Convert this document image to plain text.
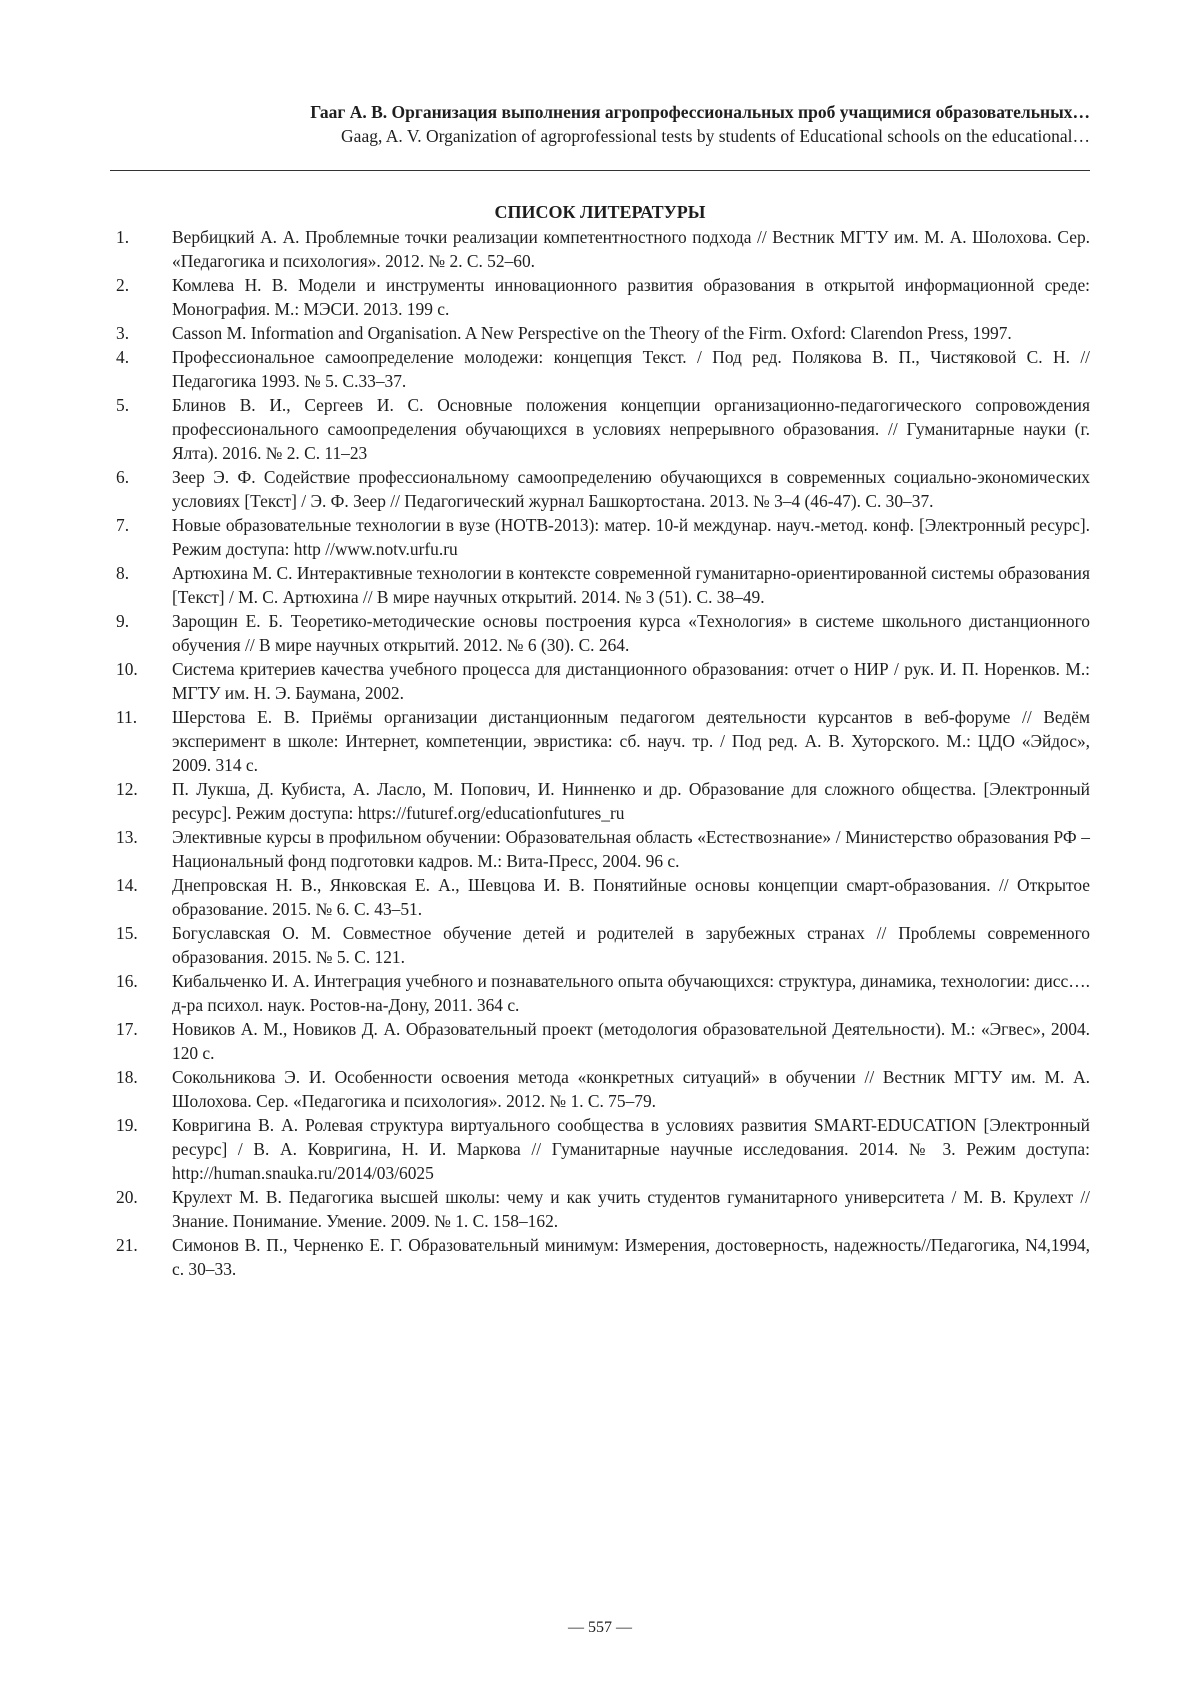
Гааг А. В. Организация выполнения агропрофессиональных проб учащимися образовательных…
Gaag, A. V. Organization of agroprofessional tests by students of Educational schools on the educational…
СПИСОК ЛИТЕРАТУРЫ
1.	Вербицкий А. А. Проблемные точки реализации компетентностного подхода // Вестник МГТУ им. М. А. Шолохова. Сер. «Педагогика и психология». 2012. № 2. С. 52–60.
2.	Комлева Н. В. Модели и инструменты инновационного развития образования в открытой информационной среде: Монография. М.: МЭСИ. 2013. 199 с.
3.	Casson M. Information and Organisation. A New Perspective on the Theory of the Firm. Oxford: Clarendon Press, 1997.
4.	Профессиональное самоопределение молодежи: концепция Текст. / Под ред. Полякова В. П., Чистяковой С. Н. // Педагогика 1993. № 5. С.33–37.
5.	Блинов В. И., Сергеев И. С. Основные положения концепции организационно-педагогического сопровождения профессионального самоопределения обучающихся в условиях непрерывного образования. // Гуманитарные науки (г. Ялта). 2016. № 2. С. 11–23
6.	Зеер Э. Ф. Содействие профессиональному самоопределению обучающихся в современных социально-экономических условиях [Текст] / Э. Ф. Зеер // Педагогический журнал Башкортостана. 2013. № 3–4 (46-47). С. 30–37.
7.	Новые образовательные технологии в вузе (НОТВ-2013): матер. 10-й междунар. науч.-метод. конф. [Электронный ресурс]. Режим доступа: http //www.notv.urfu.ru
8.	Артюхина М. С. Интерактивные технологии в контексте современной гуманитарно-ориентированной системы образования [Текст] / М. С. Артюхина // В мире научных открытий. 2014. № 3 (51). С. 38–49.
9.	Зарощин Е. Б. Теоретико-методические основы построения курса «Технология» в системе школьного дистанционного обучения // В мире научных открытий. 2012. № 6 (30). С. 264.
10.	Система критериев качества учебного процесса для дистанционного образования: отчет о НИР / рук. И. П. Норенков. М.: МГТУ им. Н. Э. Баумана, 2002.
11.	Шерстова Е. В. Приёмы организации дистанционным педагогом деятельности курсантов в веб-форуме // Ведём эксперимент в школе: Интернет, компетенции, эвристика: сб. науч. тр. / Под ред. А. В. Хуторского. М.: ЦДО «Эйдос», 2009. 314 с.
12.	П. Лукша, Д. Кубиста, А. Ласло, М. Попович, И. Нинненко и др. Образование для сложного общества. [Электронный ресурс]. Режим доступа: https://futuref.org/educationfutures_ru
13.	Элективные курсы в профильном обучении: Образовательная область «Естествознание» / Министерство образования РФ – Национальный фонд подготовки кадров. М.: Вита-Пресс, 2004. 96 с.
14.	Днепровская Н. В., Янковская Е. А., Шевцова И. В. Понятийные основы концепции смарт-образования. // Открытое образование. 2015. № 6. С. 43–51.
15.	Богуславская О. М. Совместное обучение детей и родителей в зарубежных странах // Проблемы современного образования. 2015. № 5. С. 121.
16.	Кибальченко И. А. Интеграция учебного и познавательного опыта обучающихся: структура, динамика, технологии: дисс…. д-ра психол. наук. Ростов-на-Дону, 2011. 364 с.
17.	Новиков А. М., Новиков Д. А. Образовательный проект (методология образовательной Деятельности). М.: «Эгвес», 2004. 120 с.
18.	Сокольникова Э. И. Особенности освоения метода «конкретных ситуаций» в обучении // Вестник МГТУ им. М. А. Шолохова. Сер. «Педагогика и психология». 2012. № 1. С. 75–79.
19.	Ковригина В. А. Ролевая структура виртуального сообщества в условиях развития SMART-EDUCATION [Электронный ресурс] / В. А. Ковригина, Н. И. Маркова // Гуманитарные научные исследования. 2014. № 3. Режим доступа: http://human.snauka.ru/2014/03/6025
20.	Крулехт М. В. Педагогика высшей школы: чему и как учить студентов гуманитарного университета / М. В. Крулехт // Знание. Понимание. Умение. 2009. № 1. С. 158–162.
21.	Симонов В. П., Черненко Е. Г. Образовательный минимум: Измерения, достоверность, надежность//Педагогика, N4,1994, с. 30–33.
— 557 —
